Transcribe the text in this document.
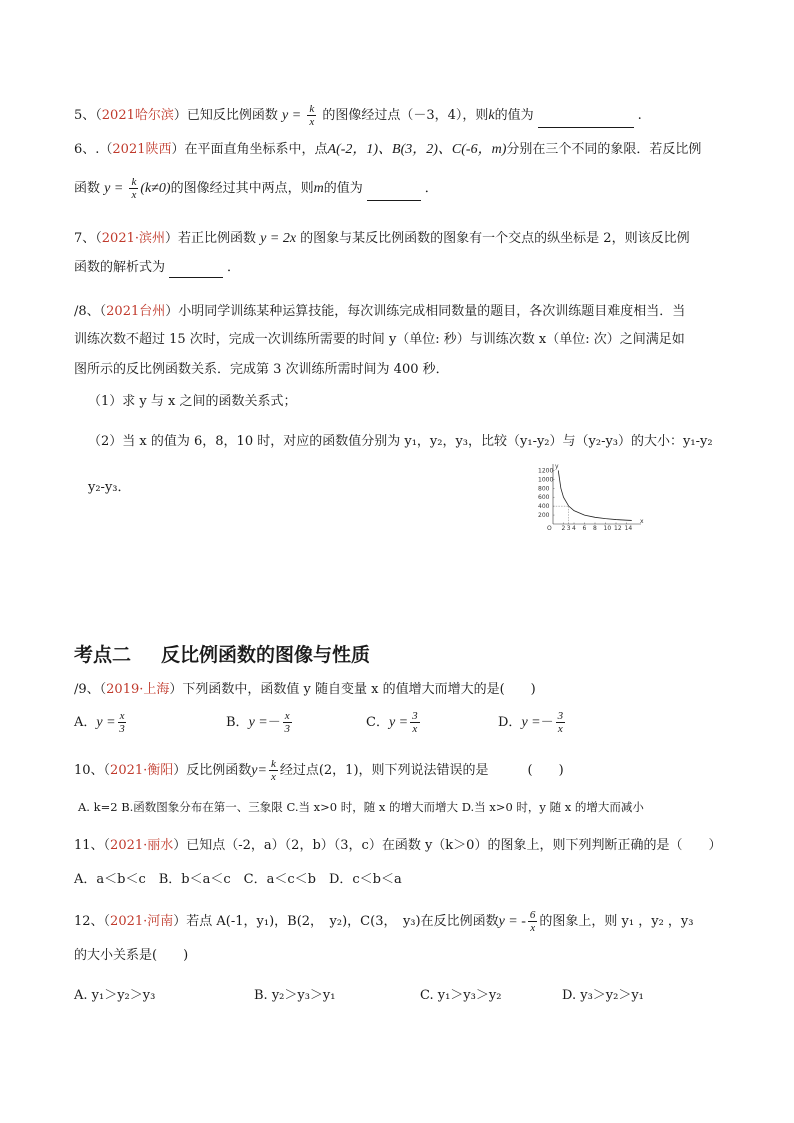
5、（2021哈尔滨）已知反比例函数 $y = \frac{k}{x}$ 的图像经过点（－3，4），则k的值为	.
6、.（2021陕西）在平面直角坐标系中，点A(-2，1)、B(3，2)、C(-6，m)分别在三个不同的象限．若反比例
函数 $y = \frac{k}{x} (k\ne 0)$的图像经过其中两点，则m的值为	．
7、（2021·滨州）若正比例函数 y = 2x 的图象与某反比例函数的图象有一个交点的纵坐标是 2，则该反比例
函数的解析式为	．
/8、（2021台州）小明同学训练某种运算技能，每次训练完成相同数量的题目，各次训练题目难度相当．当
训练次数不超过 15 次时，完成一次训练所需要的时间 y（单位: 秒）与训练次数 x（单位: 次）之间满足如
图所示的反比例函数关系．完成第 3 次训练所需时间为 400 秒．
（1）求 y 与 x 之间的函数关系式；
（2）当 x 的值为 6，8，10 时，对应的函数值分别为 y₁，y₂，y₃，比较（y₁-y₂）与（y₂-y₃）的大小：y₁-y₂
y₂-y₃．
x
y
O 2 3 4 6 8 10 12 14
200
400
600
800
1000
1200
考点二 反比例函数的图像与性质
/9、（2019·上海）下列函数中，函数值 y 随自变量 x 的值增大而增大的是(　　)
A．$y = \frac{x}{3}$	B．$y =- \frac{x}{3}$	C．$y = \frac{3}{x}$	D．$y =- \frac{3}{x}$
10、（2021·衡阳）反比例函数$y= \frac{k}{x}$ 经过点(2，1)，则下列说法错误的是　　　(　　)
A. k=2 B.函数图象分布在第一、三象限 C.当 x>0 时，随 x 的增大而增大 D.当 x>0 时，y 随 x 的增大而减小
11、（2021·丽水）已知点（-2，a）（2，b）（3，c）在函数 y（k＞0）的图象上，则下列判断正确的是（　　）
A．a＜b＜c　B．b＜a＜c　C．a＜c＜b　D．c＜b＜a
12、（2021·河南）若点 A(-1，y₁)，B(2，　y₂)，C(3，　y₃)在反比例函数y = - $\frac{6}{x}$ 的图象上，则 y₁ ，y₂ ，y₃
的大小关系是(　　)
A. y₁＞y₂＞y₃	B. y₂＞y₃＞y₁	C. y₁＞y₃＞y₂	D. y₃＞y₂＞y₁
